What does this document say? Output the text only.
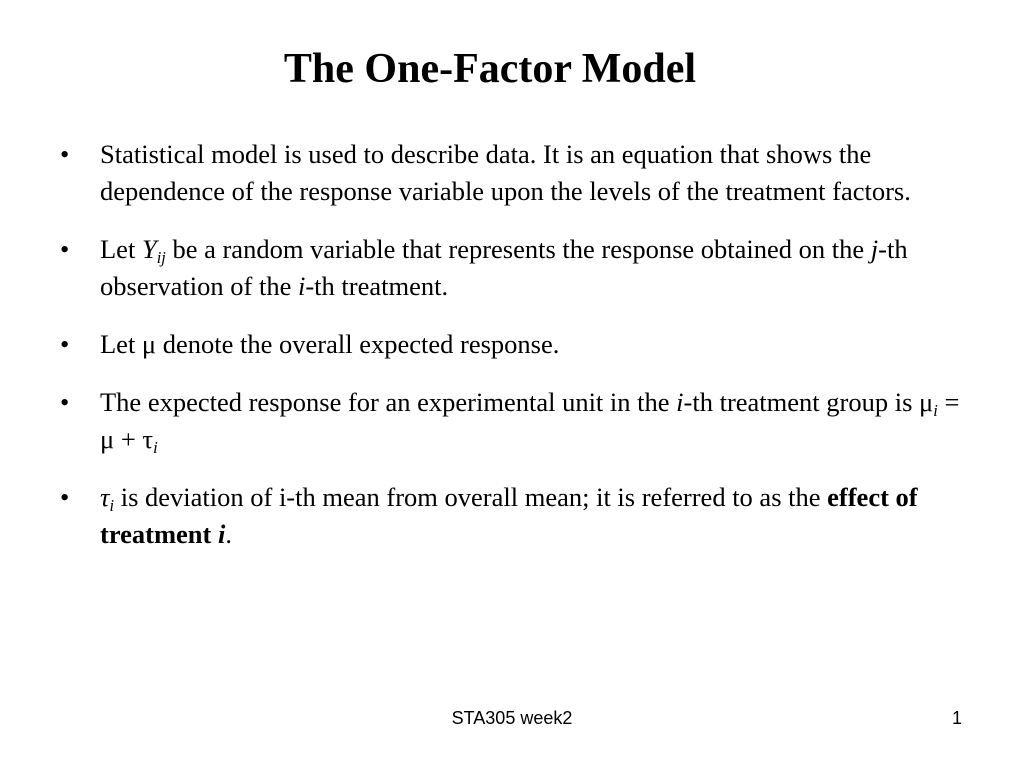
The One-Factor Model
• Statistical model is used to describe data. It is an equation that shows the dependence of the response variable upon the levels of the treatment factors.
• Let $Y_{ij}$ be a random variable that represents the response obtained on the j-th observation of the i-th treatment.
• Let μ denote the overall expected response.
• The expected response for an experimental unit in the i-th treatment group is $\mu_i = \mu + \tau_i$
• $\tau_i$ is deviation of i-th mean from overall mean; it is referred to as the effect of treatment i.
STA305 week2	1
